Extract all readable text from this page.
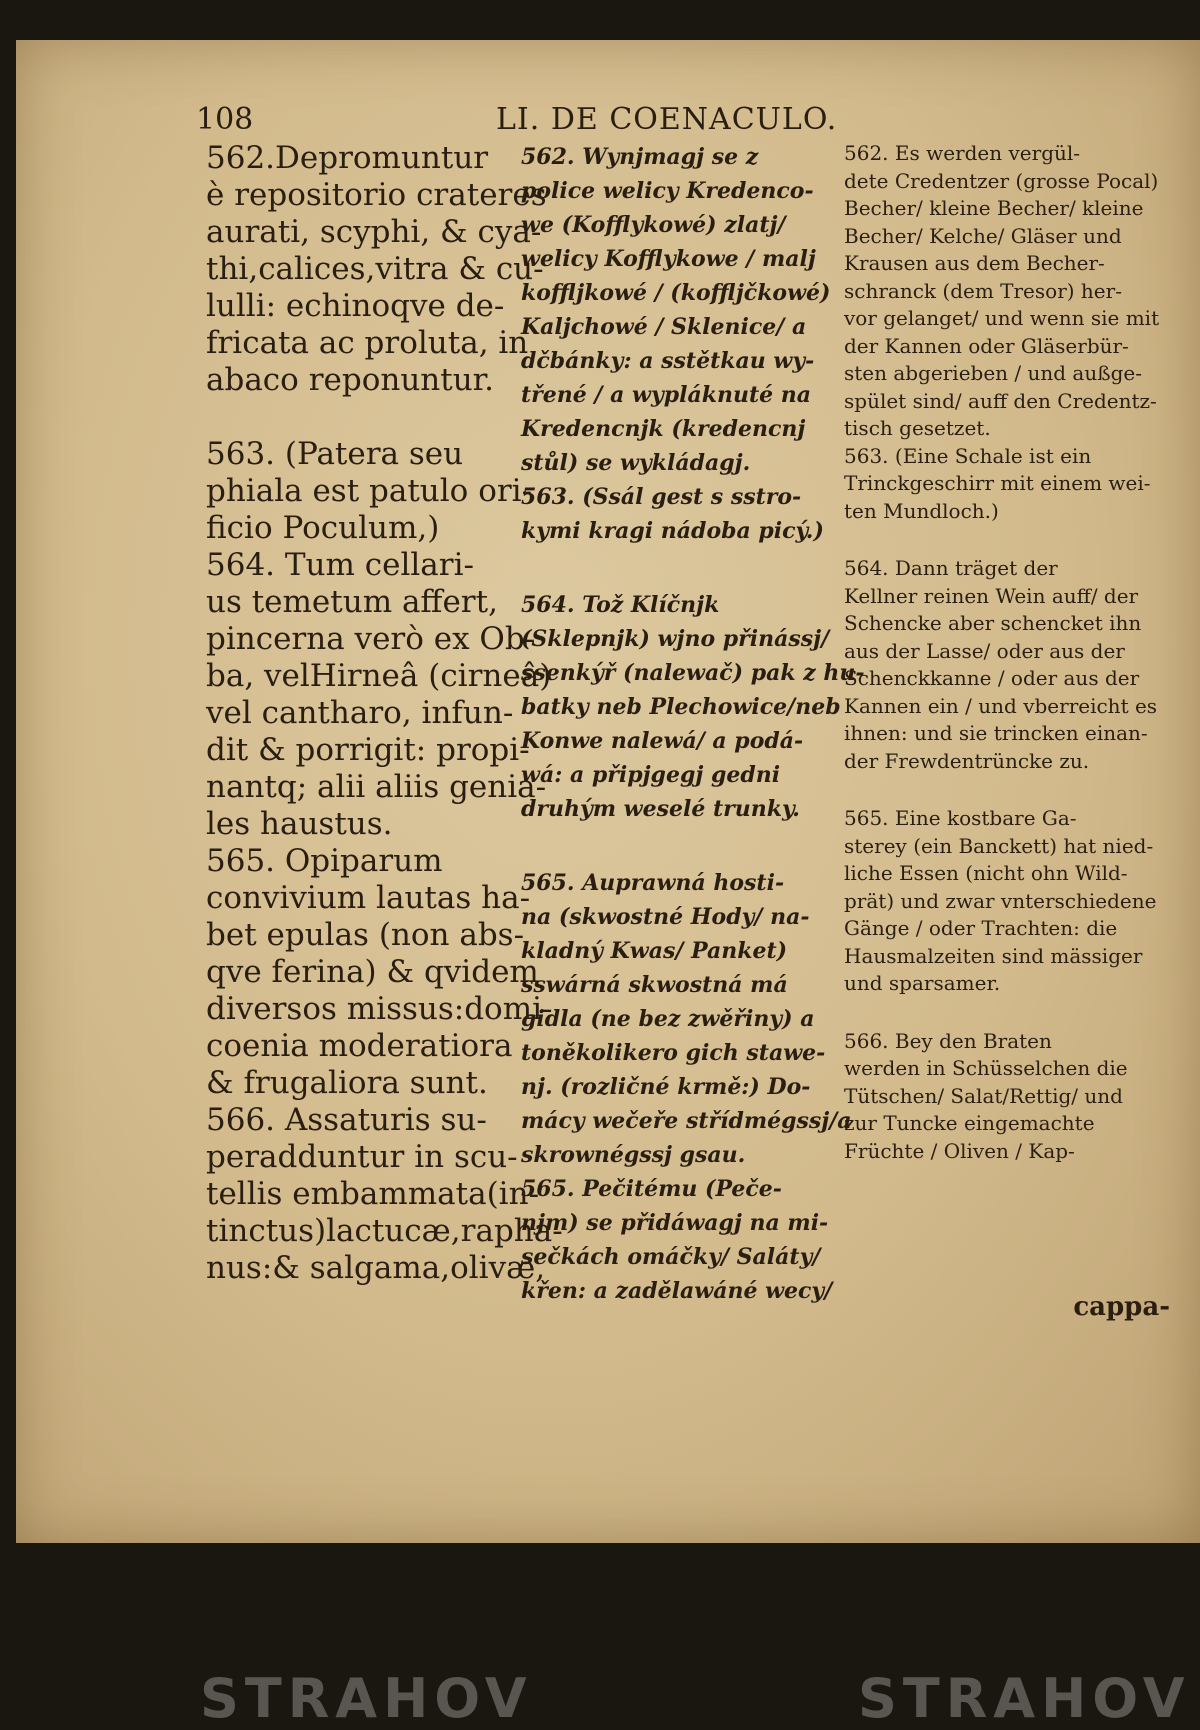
108	LI. DE COENACULO.
562.Depromuntur
è repositorio crateres
aurati, scyphi, & cya-
thi,calices,vitra & cu-
lulli: echinoqve de-
fricata ac proluta, in
abaco reponuntur.
563. (Patera seu
phiala est patulo ori-
ficio Poculum,)
564. Tum cellari-
us temetum affert,
pincerna verò ex Ob-
ba, velHirneâ (cirneâ)
vel cantharo, infun-
dit & porrigit: propi-
nantq; alii aliis genia-
les haustus.
565. Opiparum
convivium lautas ha-
bet epulas (non abs-
qve ferina) & qvidem
diversos missus:domi-
coenia moderatiora
& frugaliora sunt.
566. Assaturis su-
peradduntur in scu-
tellis embammata(in-
tinctus)lactucæ,rapha-
nus:& salgama,olivæ,
562. Wynjmagj se z
police welicy Kredenco-
we (Kofflykowé) zlatj/
welicy Kofflykowe / malj
koffljkowé / (koffljčkowé)
Kaljchowé / Sklenice/ a
dčbánky: a sstětkau wy-
třené / a wypláknuté na
Kredencnjk (kredencnj
stůl) se wykládagj.
563. (Ssál gest s sstro-
kymi kragi nádoba picý.)
564. Tož Klíčnjk
(Sklepnjk) wjno přinássj/
ssenkýř (nalewač) pak z hu-
batky neb Plechowice/neb
Konwe nalewá/ a podá-
wá: a připjgegj gedni
druhým weselé trunky.
565. Auprawná hosti-
na (skwostné Hody/ na-
kladný Kwas/ Panket)
sswárná skwostná má
gidla (ne bez zwěřiny) a
toněkolikero gich stawe-
nj. (rozličné krmě:) Do-
mácy wečeře střídmégssj/a
skrownégssj gsau.
565. Pečitému (Peče-
njm) se přidáwagj na mi-
sečkách omáčky/ Saláty/
křen: a zadělawáné wecy/
562. Es werden vergül-
dete Credentzer (grosse Pocal)
Becher/ kleine Becher/ kleine
Becher/ Kelche/ Gläser und
Krausen aus dem Becher-
schranck (dem Tresor) her-
vor gelanget/ und wenn sie mit
der Kannen oder Gläserbür-
sten abgerieben / und außge-
spület sind/ auff den Credentz-
tisch gesetzet.
563. (Eine Schale ist ein
Trinckgeschirr mit einem wei-
ten Mundloch.)
564. Dann träget der
Kellner reinen Wein auff/ der
Schencke aber schencket ihn
aus der Lasse/ oder aus der
Schenckkanne / oder aus der
Kannen ein / und vberreicht es
ihnen: und sie trincken einan-
der Frewdentrüncke zu.
565. Eine kostbare Ga-
sterey (ein Banckett) hat nied-
liche Essen (nicht ohn Wild-
prät) und zwar vnterschiedene
Gänge / oder Trachten: die
Hausmalzeiten sind mässiger
und sparsamer.
566. Bey den Braten
werden in Schüsselchen die
Tütschen/ Salat/Rettig/ und
zur Tuncke eingemachte
Früchte / Oliven / Kap-
cappa-
STRAHOV	STRAHOV
